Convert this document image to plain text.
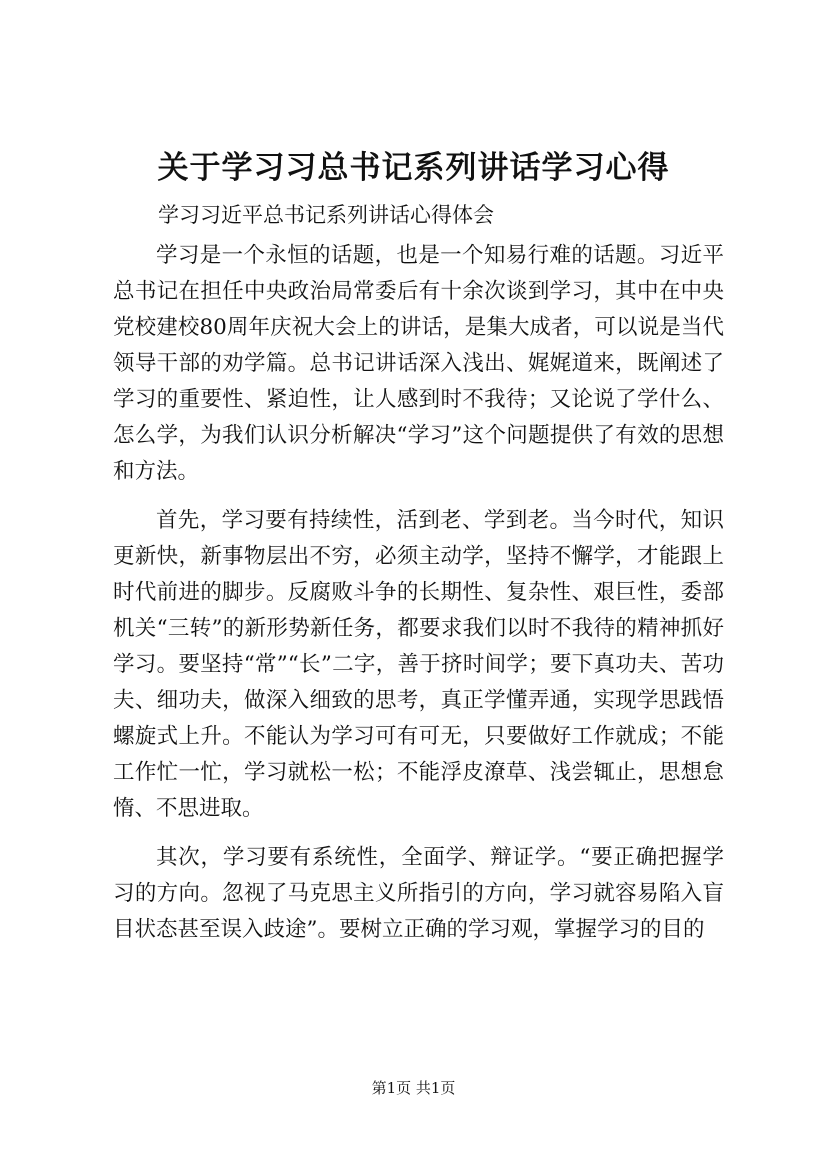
关于学习习总书记系列讲话学习心得
学习习近平总书记系列讲话心得体会

学习是一个永恒的话题，也是一个知易行难的话题。习近平总书记在担任中央政治局常委后有十余次谈到学习，其中在中央党校建校80周年庆祝大会上的讲话，是集大成者，可以说是当代领导干部的劝学篇。总书记讲话深入浅出、娓娓道来，既阐述了学习的重要性、紧迫性，让人感到时不我待；又论说了学什么、怎么学，为我们认识分析解决“学习”这个问题提供了有效的思想和方法。

首先，学习要有持续性，活到老、学到老。当今时代，知识更新快，新事物层出不穷，必须主动学，坚持不懈学，才能跟上时代前进的脚步。反腐败斗争的长期性、复杂性、艰巨性，委部机关“三转”的新形势新任务，都要求我们以时不我待的精神抓好学习。要坚持“常”“长”二字，善于挤时间学；要下真功夫、苦功夫、细功夫，做深入细致的思考，真正学懂弄通，实现学思践悟螺旋式上升。不能认为学习可有可无，只要做好工作就成；不能工作忙一忙，学习就松一松；不能浮皮潦草、浅尝辄止，思想怠惰、不思进取。

其次，学习要有系统性，全面学、辩证学。“要正确把握学习的方向。忽视了马克思主义所指引的方向，学习就容易陷入盲目状态甚至误入歧途”。要树立正确的学习观，掌握学习的目的

第1页 共1页
